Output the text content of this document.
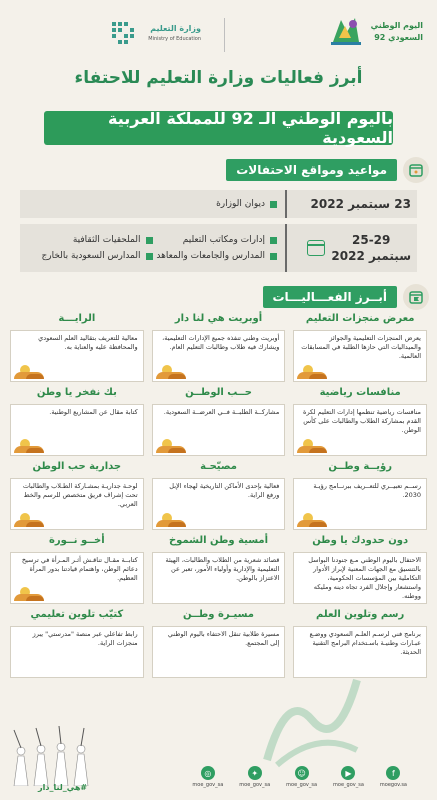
اليوم الوطني
السعودي 92
وزارة التعليم
Ministry of Education
أبرز فعاليات وزارة التعليم للاحتفاء
باليوم الوطني الـ 92 للمملكة العربية السعودية
مواعيد ومواقع الاحتفالات
23 سبتمبر 2022
ديوان الوزارة
25-29
سبتمبر 2022
إدارات ومكاتب التعليم
الملحقيات الثقافية
المدارس والجامعات والمعاهد
المدارس السعودية بالخارج
أبــرز الفعـــاليـــات
معرض منجزات التعليم
يعرض المنجزات التعليمية والجوائز والميداليات التي حازها الطلبة في المسابقات العالمية.
أوبريت هي لنا دار
أوبريت وطني تنفذه جميع الإدارات التعليمية، ويشارك فيه طلاب وطالبات التعليم العام.
الرايـــة
معالية للتعريف بتقاليد العلم السعودي والمحافظة عليه والعناية به.
منافسات رياضية
منافسات رياضية تنظمها إدارات التعليم لكرة القدم بمشاركة الطلاب والطالبات على كأس الوطن.
حــب الوطــن
مشاركــة الطلبــة فــي العرضــة السعودية.
بك نفخر يا وطن
كتابة مقال عن المشاريع الوطنية.
رؤيــة وطــن
رســم تعبيــري للتعــريف ببرنــامج رؤيـة 2030.
مصيّحـة
فعالية بإحدى الأماكن التاريخية لهجاء الإبل ورفع الراية.
جدارية حب الوطن
لوحـة جداريـة بمشـاركة الطـلاب والطالبات تحت إشراف فريق متخصص للرسم والخط العربي.
دون حدودك يا وطن
الاحتفال باليوم الوطني مـع جنودنا البواسل بالتنسيق مع الجهات المعنية لإبراز الأدوار التكاملية بين المؤسسات الحكومية، واستشعار وإجلال الفرد تجاه دينه ومليكه ووطنه.
أمسية وطن الشموخ
قصائد شعرية من الطلاب والطالبات، الهيئة التعليمية والإدارية وأولياء الأمور، تعبر عن الاعتزاز بالوطن.
أخــو نــورة
كتابــة مقـال تناقـش أثـر المـرأة في ترسيخ دعائم الوطن، واهتمام قيادتنا بدور المرأة العظيم.
رسم وتلوين العلم
برنامج فني لرسـم العلـم السعودي ووضـع عبـارات وطنيـة باسـتخدام البرامج التقنية الحديثة.
مسيـرة وطــن
مسيرة طلابية تنقل الاحتفاء باليوم الوطني إلى المجتمع.
كتيّب تلوين تعليمي
رابط تفاعلي عبر منصة "مدرستي" يبرز منجزات الراية.
#هي_لنا_دار
◎
moe_gov_sa
✦
moe_gov_sa
☺
moe_gov_sa
▶
moe_gov_sa
f
moegov.sa
